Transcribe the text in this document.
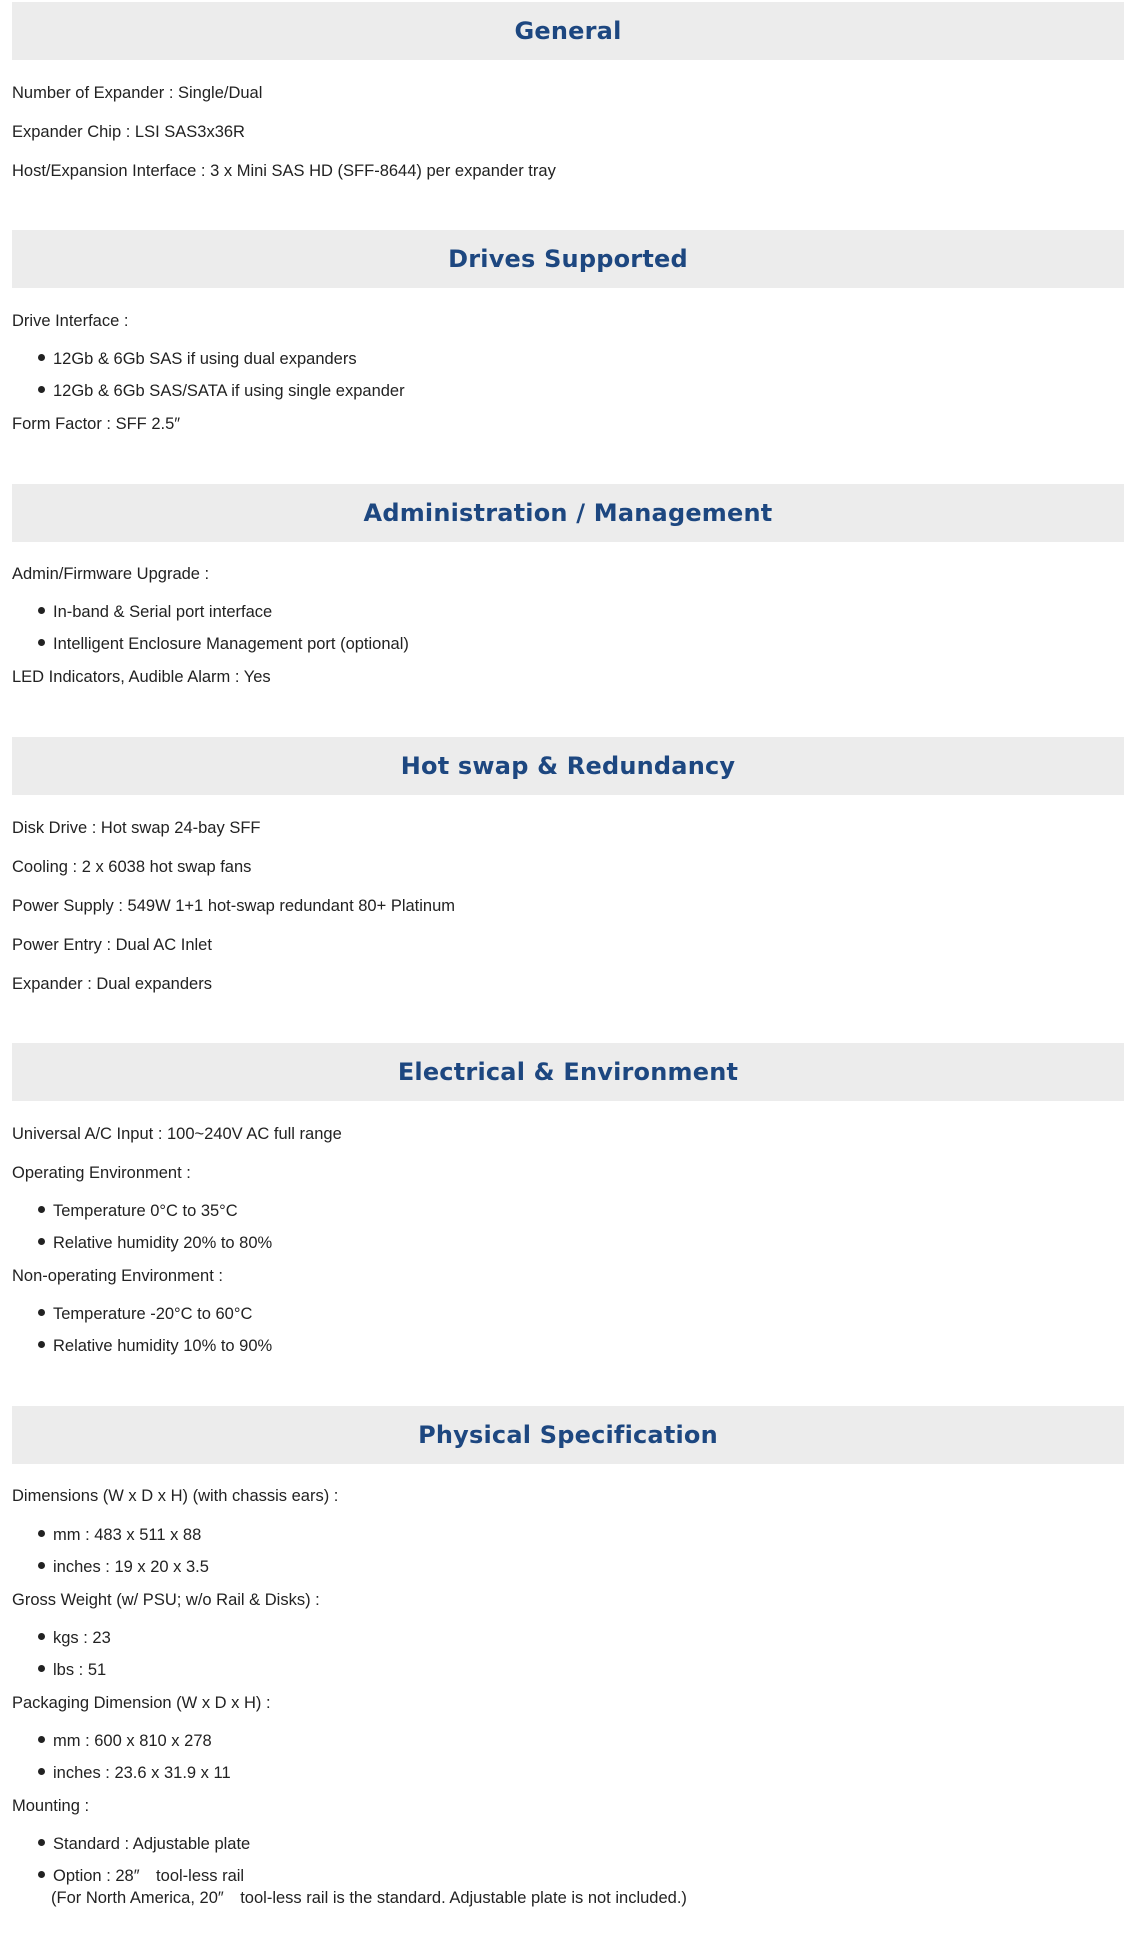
General
Number of Expander : Single/Dual
Expander Chip : LSI SAS3x36R
Host/Expansion Interface : 3 x Mini SAS HD (SFF-8644) per expander tray
Drives Supported
Drive Interface :
12Gb & 6Gb SAS if using dual expanders
12Gb & 6Gb SAS/SATA if using single expander
Form Factor : SFF 2.5″
Administration / Management
Admin/Firmware Upgrade :
In-band & Serial port interface
Intelligent Enclosure Management port (optional)
LED Indicators, Audible Alarm : Yes
Hot swap & Redundancy
Disk Drive : Hot swap 24-bay SFF
Cooling : 2 x 6038 hot swap fans
Power Supply : 549W 1+1 hot-swap redundant 80+ Platinum
Power Entry : Dual AC Inlet
Expander : Dual expanders
Electrical & Environment
Universal A/C Input : 100~240V AC full range
Operating Environment :
Temperature 0°C to 35°C
Relative humidity 20% to 80%
Non-operating Environment :
Temperature -20°C to 60°C
Relative humidity 10% to 90%
Physical Specification
Dimensions (W x D x H) (with chassis ears) :
mm : 483 x 511 x 88
inches : 19 x 20 x 3.5
Gross Weight (w/ PSU; w/o Rail & Disks) :
kgs : 23
lbs : 51
Packaging Dimension (W x D x H) :
mm : 600 x 810 x 278
inches : 23.6 x 31.9 x 11
Mounting :
Standard : Adjustable plate
Option : 28″　tool-less rail
(For North America, 20″　tool-less rail is the standard. Adjustable plate is not included.)
